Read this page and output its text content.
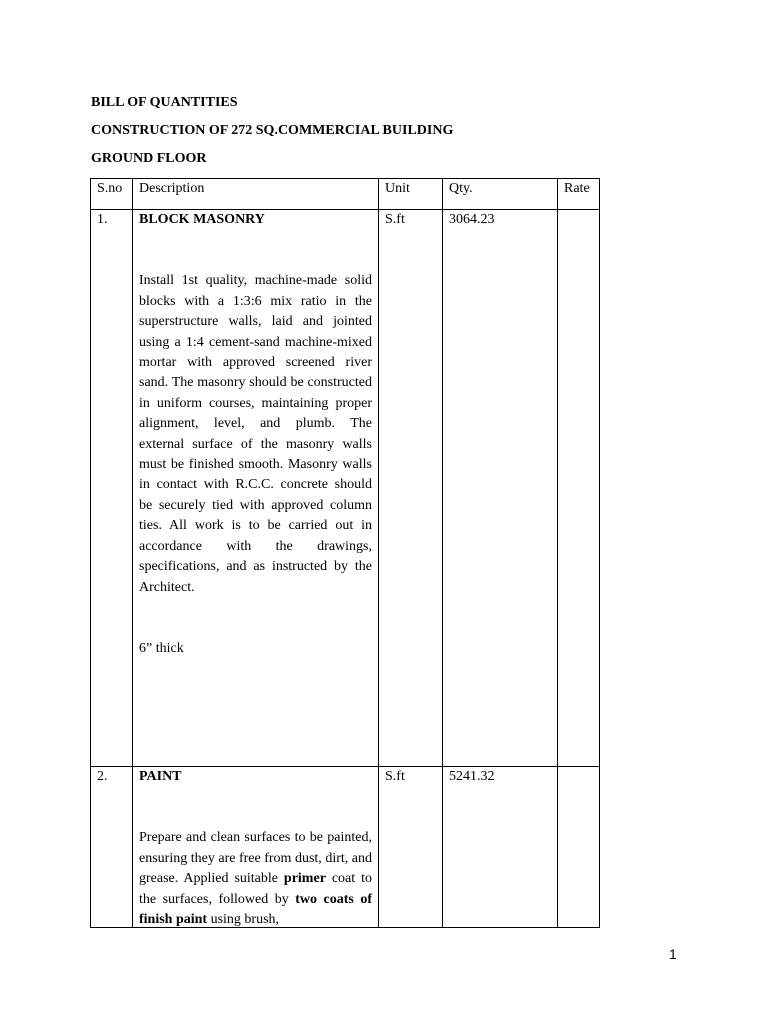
BILL OF QUANTITIES
CONSTRUCTION OF 272 SQ.COMMERCIAL BUILDING
GROUND FLOOR
S.no	Description	Unit	Qty.	Rate
1.	BLOCK MASONRY

Install 1st quality, machine-made solid blocks with a 1:3:6 mix ratio in the superstructure walls, laid and jointed using a 1:4 cement-sand machine-mixed mortar with approved screened river sand. The masonry should be constructed in uniform courses, maintaining proper alignment, level, and plumb. The external surface of the masonry walls must be finished smooth. Masonry walls in contact with R.C.C. concrete should be securely tied with approved column ties. All work is to be carried out in accordance with the drawings, specifications, and as instructed by the Architect.

6” thick	S.ft	3064.23	
2.	PAINT

Prepare and clean surfaces to be painted, ensuring they are free from dust, dirt, and grease. Applied suitable primer coat to the surfaces, followed by two coats of finish paint using brush,	S.ft	5241.32	
1
